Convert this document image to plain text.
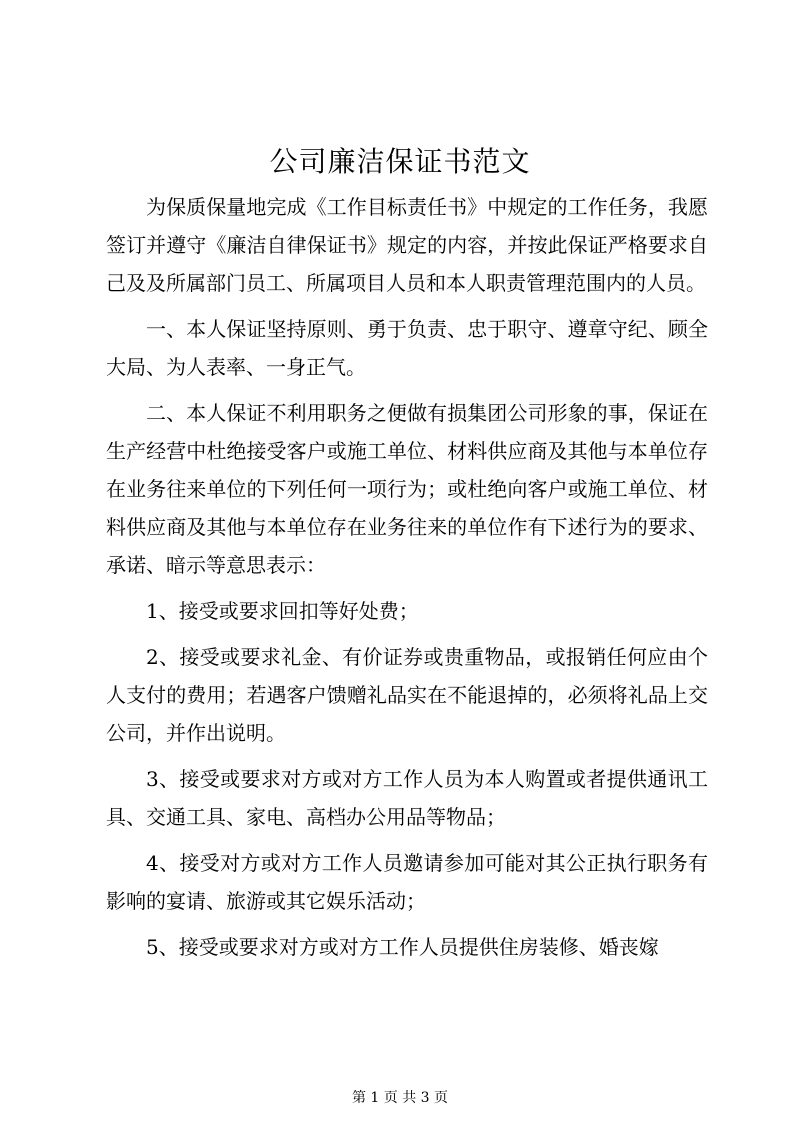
公司廉洁保证书范文

为保质保量地完成《工作目标责任书》中规定的工作任务，我愿签订并遵守《廉洁自律保证书》规定的内容，并按此保证严格要求自己及及所属部门员工、所属项目人员和本人职责管理范围内的人员。

一、本人保证坚持原则、勇于负责、忠于职守、遵章守纪、顾全大局、为人表率、一身正气。

二、本人保证不利用职务之便做有损集团公司形象的事，保证在生产经营中杜绝接受客户或施工单位、材料供应商及其他与本单位存在业务往来单位的下列任何一项行为；或杜绝向客户或施工单位、材料供应商及其他与本单位存在业务往来的单位作有下述行为的要求、承诺、暗示等意思表示：

1、接受或要求回扣等好处费；

2、接受或要求礼金、有价证券或贵重物品，或报销任何应由个人支付的费用；若遇客户馈赠礼品实在不能退掉的，必须将礼品上交公司，并作出说明。

3、接受或要求对方或对方工作人员为本人购置或者提供通讯工具、交通工具、家电、高档办公用品等物品；

4、接受对方或对方工作人员邀请参加可能对其公正执行职务有影响的宴请、旅游或其它娱乐活动；

5、接受或要求对方或对方工作人员提供住房装修、婚丧嫁

第 1 页 共 3 页
